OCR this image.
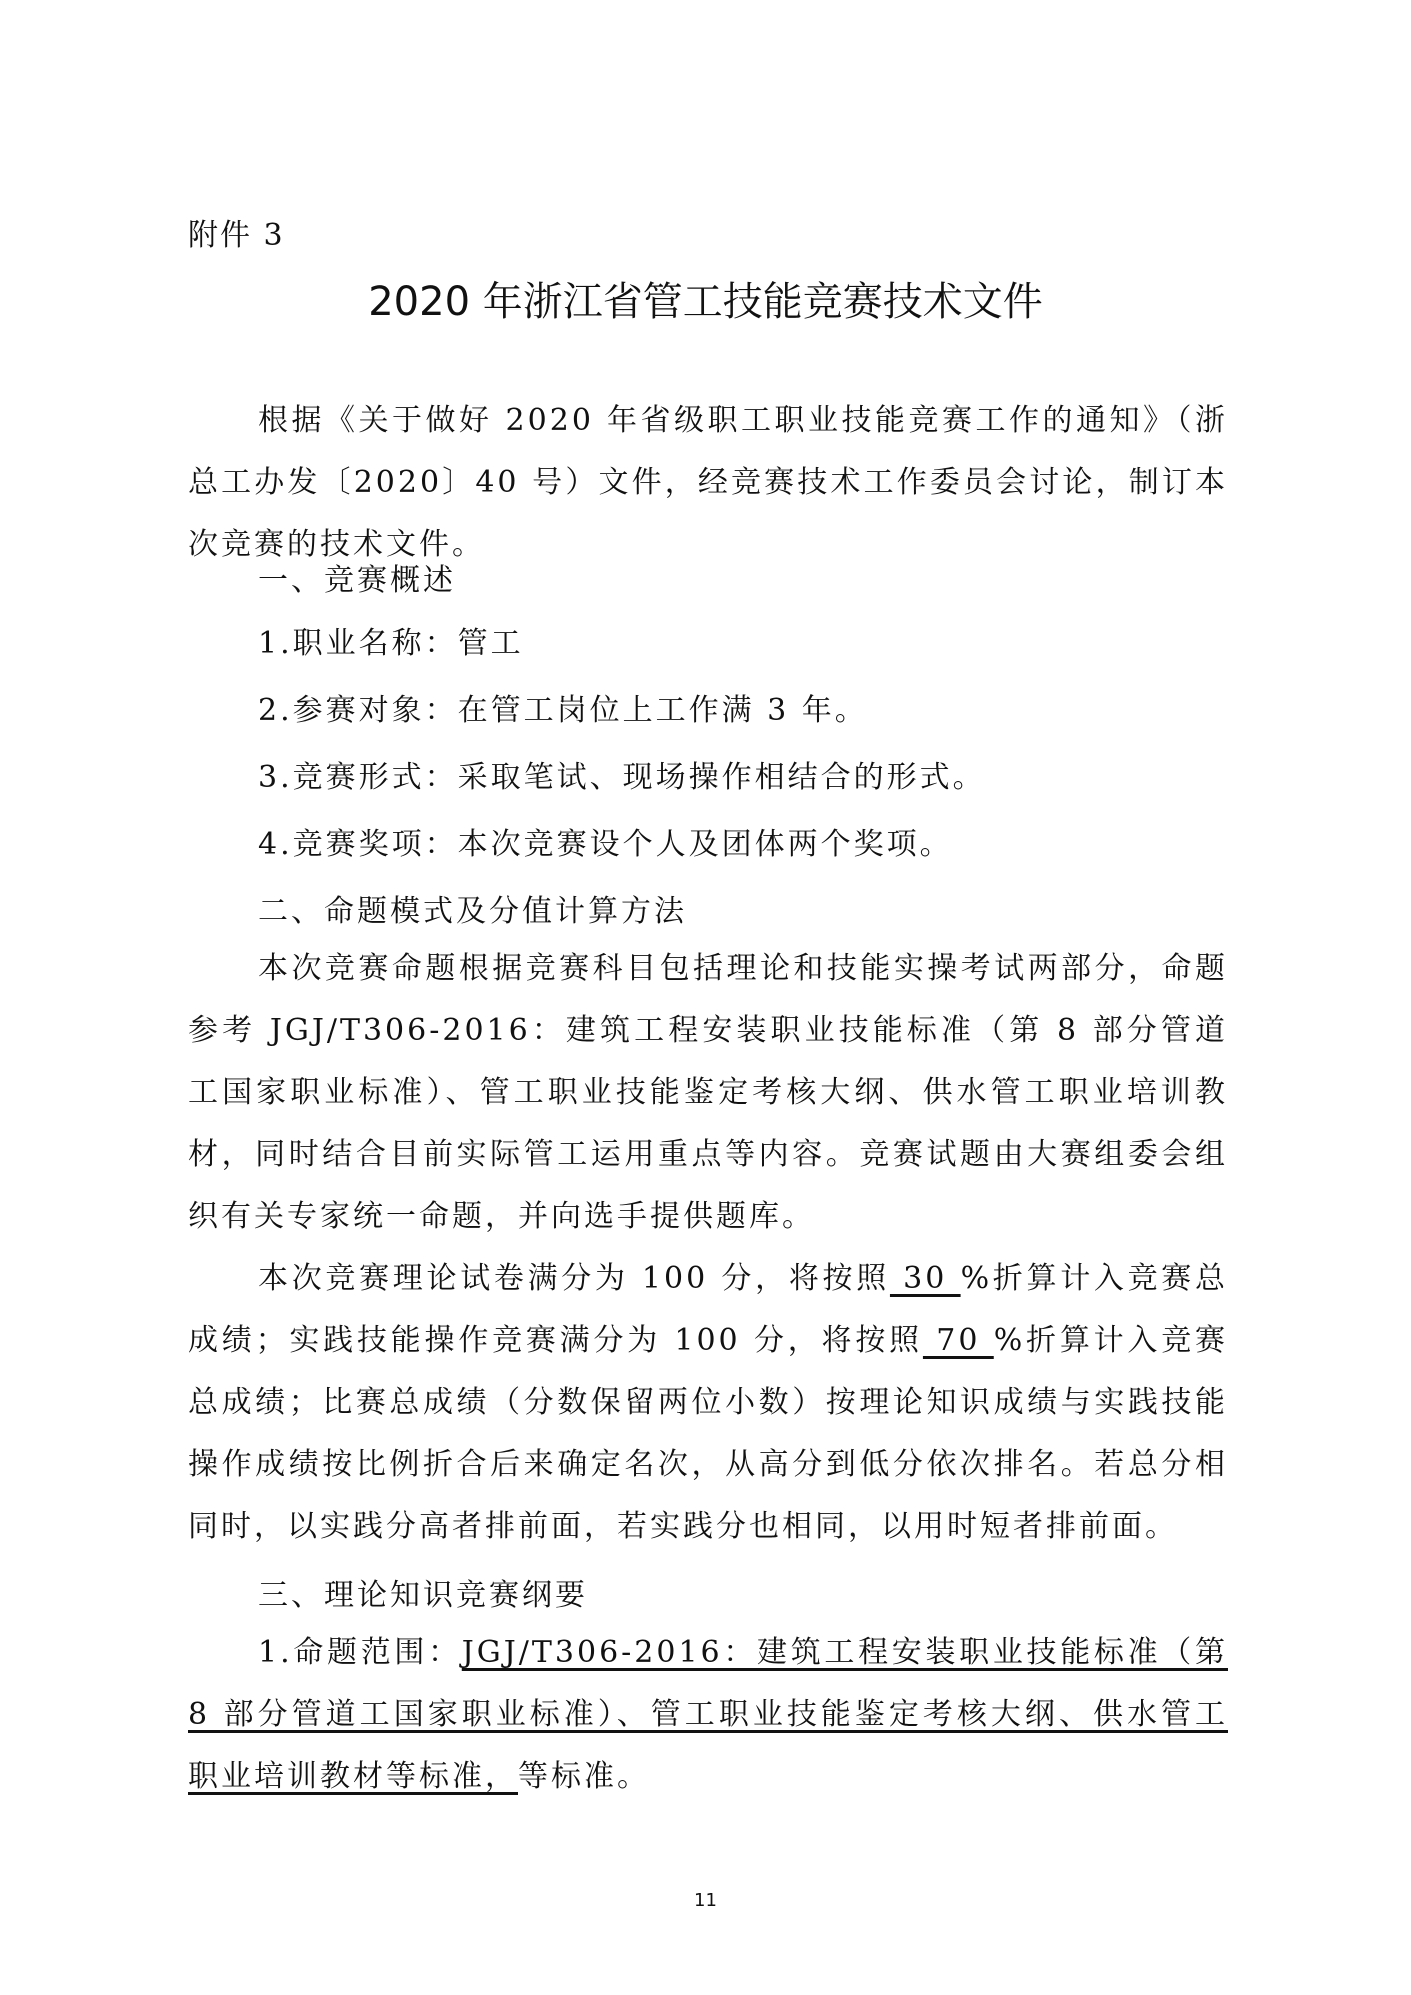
附件 3
2020 年浙江省管工技能竞赛技术文件
根据《关于做好 2020 年省级职工职业技能竞赛工作的通知》（浙总工办发〔2020〕40 号）文件，经竞赛技术工作委员会讨论，制订本次竞赛的技术文件。
一、竞赛概述
1.职业名称：管工
2.参赛对象：在管工岗位上工作满 3 年。
3.竞赛形式：采取笔试、现场操作相结合的形式。
4.竞赛奖项：本次竞赛设个人及团体两个奖项。
二、命题模式及分值计算方法
本次竞赛命题根据竞赛科目包括理论和技能实操考试两部分，命题参考 JGJ/T306-2016：建筑工程安装职业技能标准（第 8 部分管道工国家职业标准）、管工职业技能鉴定考核大纲、供水管工职业培训教材，同时结合目前实际管工运用重点等内容。竞赛试题由大赛组委会组织有关专家统一命题，并向选手提供题库。
本次竞赛理论试卷满分为 100 分，将按照 30 %折算计入竞赛总成绩；实践技能操作竞赛满分为 100 分，将按照 70 %折算计入竞赛总成绩；比赛总成绩（分数保留两位小数）按理论知识成绩与实践技能操作成绩按比例折合后来确定名次，从高分到低分依次排名。若总分相同时，以实践分高者排前面，若实践分也相同，以用时短者排前面。
三、理论知识竞赛纲要
1.命题范围：JGJ/T306-2016：建筑工程安装职业技能标准（第 8 部分管道工国家职业标准）、管工职业技能鉴定考核大纲、供水管工职业培训教材等标准，等标准。
11
